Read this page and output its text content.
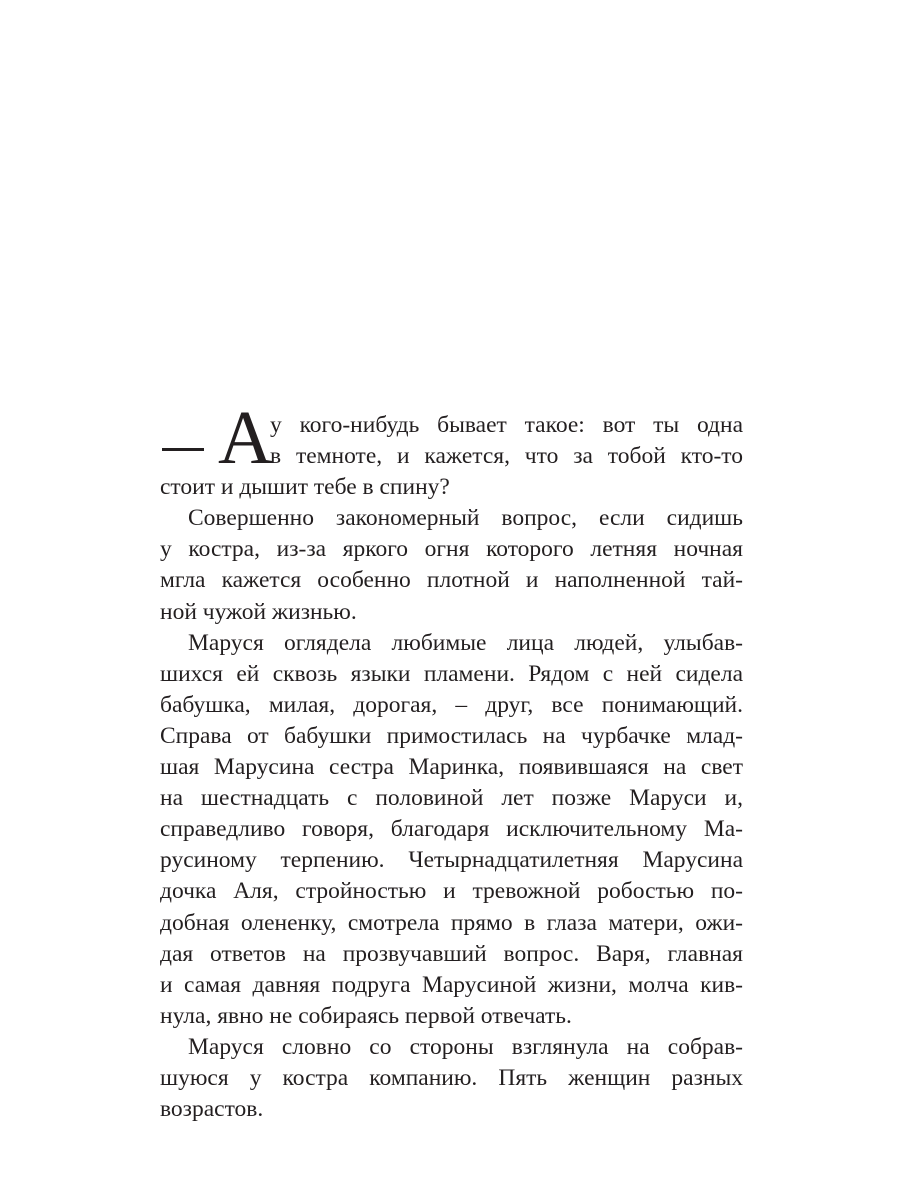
А
у кого-нибудь бывает такое: вот ты одна
в темноте, и кажется, что за тобой кто-то
стоит и дышит тебе в спину?
Совершенно закономерный вопрос, если сидишь
у костра, из-за яркого огня которого летняя ночная
мгла кажется особенно плотной и наполненной тай-
ной чужой жизнью.
Маруся оглядела любимые лица людей, улыбав-
шихся ей сквозь языки пламени. Рядом с ней сидела
бабушка, милая, дорогая, – друг, все понимающий.
Справа от бабушки примостилась на чурбачке млад-
шая Марусина сестра Маринка, появившаяся на свет
на шестнадцать с половиной лет позже Маруси и,
справедливо говоря, благодаря исключительному Ма-
русиному терпению. Четырнадцатилетняя Марусина
дочка Аля, стройностью и тревожной робостью по-
добная олененку, смотрела прямо в глаза матери, ожи-
дая ответов на прозвучавший вопрос. Варя, главная
и самая давняя подруга Марусиной жизни, молча кив-
нула, явно не собираясь первой отвечать.
Маруся словно со стороны взглянула на собрав-
шуюся у костра компанию. Пять женщин разных
возрастов.
